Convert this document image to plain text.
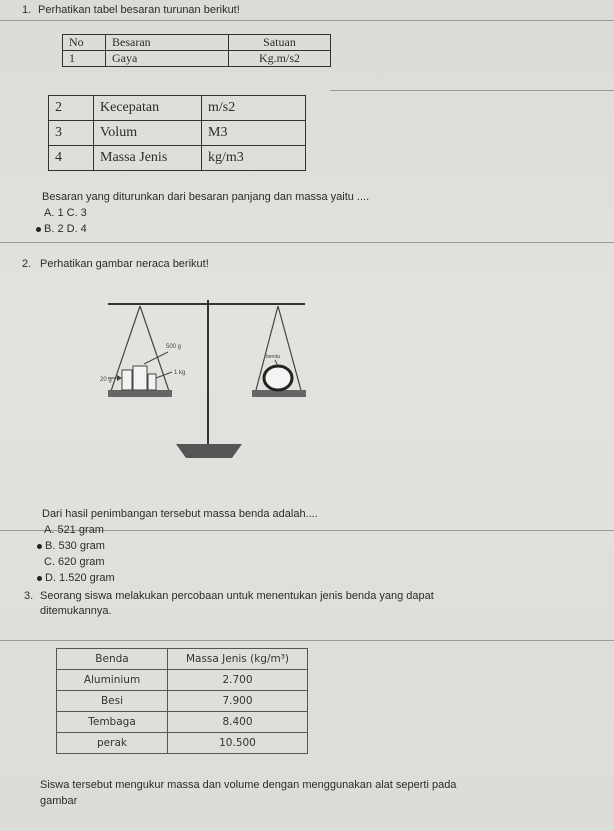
1. Perhatikan tabel besaran turunan berikut!
No	Besaran	Satuan
1	Gaya	Kg.m/s2
2	Kecepatan	m/s2
3	Volum	M3
4	Massa Jenis	kg/m3
Besaran yang diturunkan dari besaran panjang dan massa yaitu ....
A. 1 C. 3
B. 2 D. 4
2. Perhatikan gambar neraca berikut!
500 g
20 g
1 kg
benda
Dari hasil penimbangan tersebut massa benda adalah....
A. 521 gram
B. 530 gram
C. 620 gram
D. 1.520 gram
3. Seorang siswa melakukan percobaan untuk menentukan jenis benda yang dapat
ditemukannya.
Benda	Massa Jenis (kg/m³)
Aluminium	2.700
Besi	7.900
Tembaga	8.400
perak	10.500
Siswa tersebut mengukur massa dan volume dengan menggunakan alat seperti pada
gambar
